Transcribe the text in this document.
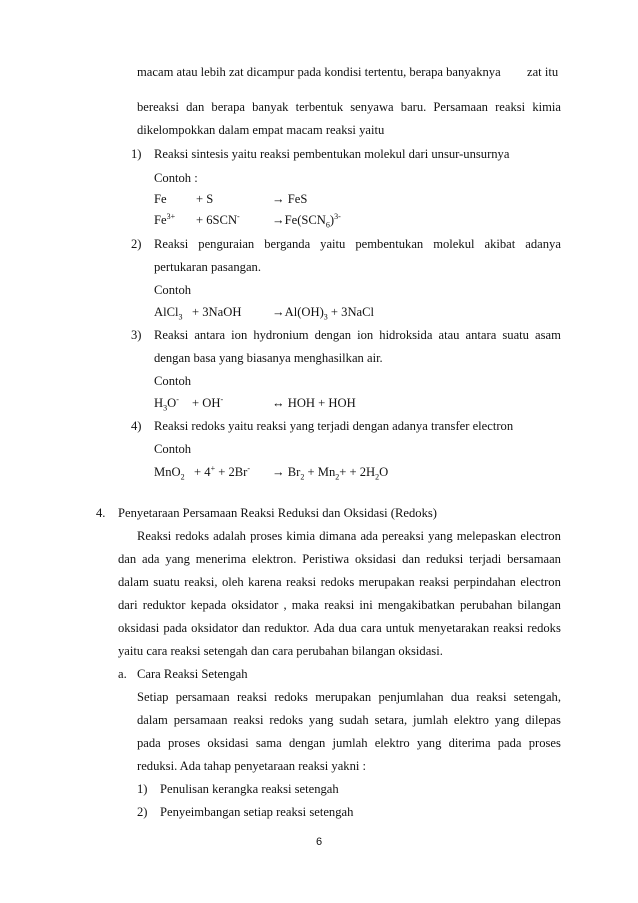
macam atau lebih zat dicampur pada kondisi tertentu, berapa banyaknya zat itu
bereaksi dan berapa banyak terbentuk senyawa baru. Persamaan reaksi kimia
dikelompokkan dalam empat macam reaksi yaitu
1) Reaksi sintesis yaitu reaksi pembentukan molekul dari unsur-unsurnya
Contoh :
Fe + S	→ FeS
$Fe^{3+} + 6SCN^-$	$\to Fe(SCN_6)^{3-}$
2) Reaksi penguraian berganda yaitu pembentukan molekul akibat adanya
pertukaran pasangan.
Contoh
AlCl$_3$ + 3NaOH $\to Al(OH)_3$ + 3NaCl
3) Reaksi antara ion hydronium dengan ion hidroksida atau antara suatu asam
dengan basa yang biasanya menghasilkan air.
Contoh
$H_3O^- + OH^-$	↔ HOH + HOH
4) Reaksi redoks yaitu reaksi yang terjadi dengan adanya transfer electron
Contoh
$MnO_2 + 4^+ + 2Br^- \to Br_2 + Mn_2+ + 2H_2O$
4. Penyetaraan Persamaan Reaksi Reduksi dan Oksidasi (Redoks)
Reaksi redoks adalah proses kimia dimana ada pereaksi yang melepaskan electron
dan ada yang menerima elektron. Peristiwa oksidasi dan reduksi terjadi bersamaan
dalam suatu reaksi, oleh karena reaksi redoks merupakan reaksi perpindahan electron
dari reduktor kepada oksidator , maka reaksi ini mengakibatkan perubahan bilangan
oksidasi pada oksidator dan reduktor. Ada dua cara untuk menyetarakan reaksi redoks
yaitu cara reaksi setengah dan cara perubahan bilangan oksidasi.
a. Cara Reaksi Setengah
Setiap persamaan reaksi redoks merupakan penjumlahan dua reaksi setengah,
dalam persamaan reaksi redoks yang sudah setara, jumlah elektro yang dilepas
pada proses oksidasi sama dengan jumlah elektro yang diterima pada proses
reduksi. Ada tahap penyetaraan reaksi yakni :
1) Penulisan kerangka reaksi setengah
2) Penyeimbangan setiap reaksi setengah
6
